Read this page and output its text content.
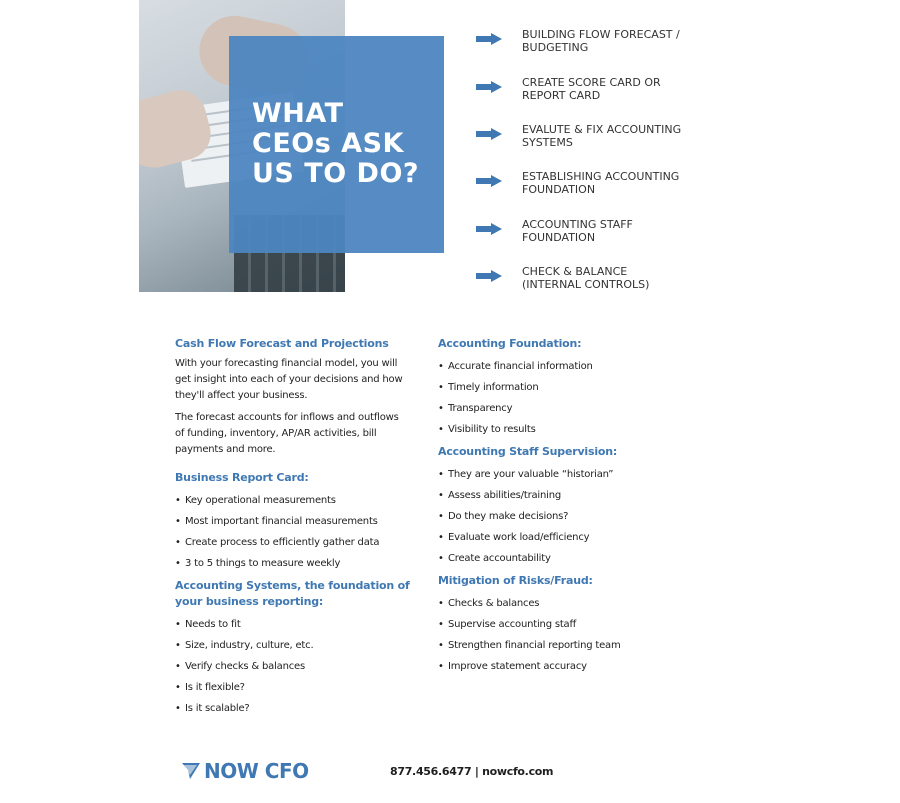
WHAT
CEOs ASK
US TO DO?
BUILDING FLOW FORECAST /
BUDGETING
CREATE SCORE CARD OR
REPORT CARD
EVALUTE & FIX ACCOUNTING
SYSTEMS
ESTABLISHING ACCOUNTING
FOUNDATION
ACCOUNTING STAFF
FOUNDATION
CHECK & BALANCE
(INTERNAL CONTROLS)
Cash Flow Forecast and Projections

With your forecasting financial model, you will get insight into each of your decisions and how they'll affect your business.

The forecast accounts for inflows and outflows of funding, inventory, AP/AR activities, bill payments and more.

Business Report Card:
• Key operational measurements
• Most important financial measurements
• Create process to efficiently gather data
• 3 to 5 things to measure weekly
Accounting Systems, the foundation of your business reporting:
• Needs to fit
• Size, industry, culture, etc.
• Verify checks & balances
• Is it flexible?
• Is it scalable?
Accounting Foundation:
• Accurate financial information
• Timely information
• Transparency
• Visibility to results
Accounting Staff Supervision:
• They are your valuable “historian”
• Assess abilities/training
• Do they make decisions?
• Evaluate work load/efficiency
• Create accountability
Mitigation of Risks/Fraud:
• Checks & balances
• Supervise accounting staff
• Strengthen financial reporting team
• Improve statement accuracy
NOW CFO	877.456.6477 | nowcfo.com
